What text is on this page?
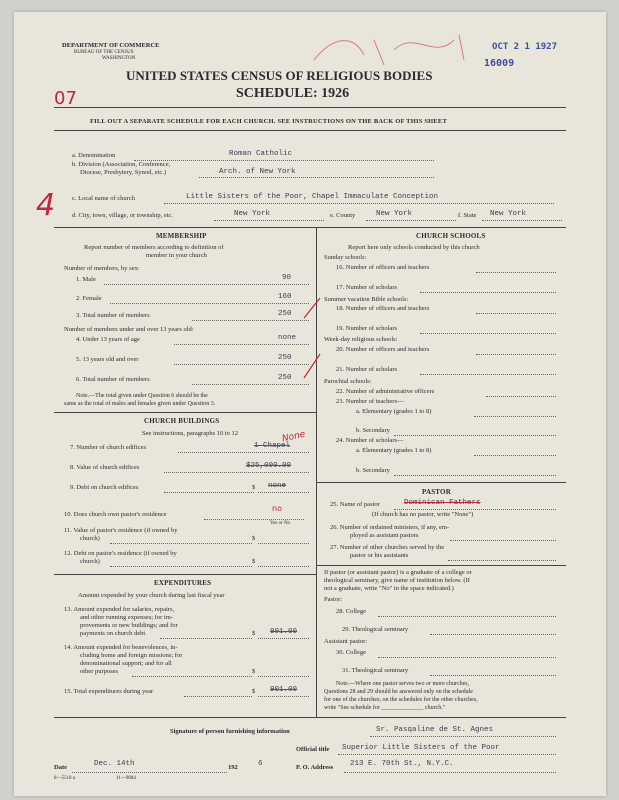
DEPARTMENT OF COMMERCE
BUREAU OF THE CENSUS
WASHINGTON
OCT 2 1 1927
16009
UNITED STATES CENSUS OF RELIGIOUS BODIES
SCHEDULE: 1926
07
FILL OUT A SEPARATE SCHEDULE FOR EACH CHURCH. SEE INSTRUCTIONS ON THE BACK OF THIS SHEET
a. Denomination	Roman Catholic
b. Division (Association, Conference,
Diocese, Presbytery, Synod, etc.)	Arch. of New York
4	c. Local name of church	Little Sisters of the Poor, Chapel Immaculate Conception
d. City, town, village, or township, etc.	New York	e. County	New York	f. State New York
MEMBERSHIP
Report number of members according to definition of
member in your church
Number of members, by sex:
1. Male	90
2. Female	160
3. Total number of members	250
Number of members under and over 13 years old:
4. Under 13 years of age	none
5. 13 years old and over	250
6. Total number of members	250
Note.—The total given under Question 6 should be the
same as the total of males and females given under Question 3.
CHURCH BUILDINGS
See instructions, paragraphs 10 to 12
7. Number of church edifices	1 Chapel
None
8. Value of church edifices	$25,000.00
9. Debt on church edifices	$ none
10. Does church own pastor's residence
no
Yes or No
11. Value of pastor's residence (if owned by
church)	$
12. Debt on pastor's residence (if owned by
church)	$
EXPENDITURES
Amount expended by your church during last fiscal year
13. Amount expended for salaries, repairs,
and other running expenses; for im-
provements or new buildings; and for
payments on church debt	$ 901.00
14. Amount expended for benevolences, in-
cluding home and foreign missions; for
denominational support; and for all
other purposes	$
15. Total expenditures during year	$ 901.00
CHURCH SCHOOLS
Report here only schools conducted by this church
Sunday schools:
16. Number of officers and teachers
17. Number of scholars
Summer vacation Bible schools:
18. Number of officers and teachers
19. Number of scholars
Week-day religious schools:
20. Number of officers and teachers
21. Number of scholars
Parochial schools:
22. Number of administrative officers
23. Number of teachers—
a. Elementary (grades 1 to 8)
b. Secondary
24. Number of scholars—
a. Elementary (grades 1 to 8)
b. Secondary
PASTOR
25. Name of pastor	Dominican Fathers
(If church has no pastor, write "None")
26. Number of ordained ministers, if any, em-
ployed as assistant pastors
27. Number of other churches served by the
pastor or his assistants
If pastor (or assistant pastor) is a graduate of a college or
theological seminary, give name of institution below. (If
not a graduate, write "No" in the space indicated.)
Pastor:
28. College
29. Theological seminary
Assistant pastor:
30. College
31. Theological seminary
Note.—Where one pastor serves two or more churches,
Questions 28 and 29 should be answered only on the schedule
for one of the churches; on the schedules for the other churches,
write "See schedule for ______________ church."
Signature of person furnishing information	Sr. Pasqaline de St. Agnes
Official title Superior Little Sisters of the Poor
Date	Dec. 14th	192	6	P. O. Address 213 E. 70th St., N.Y.C.
8—5518 a	11—9084
